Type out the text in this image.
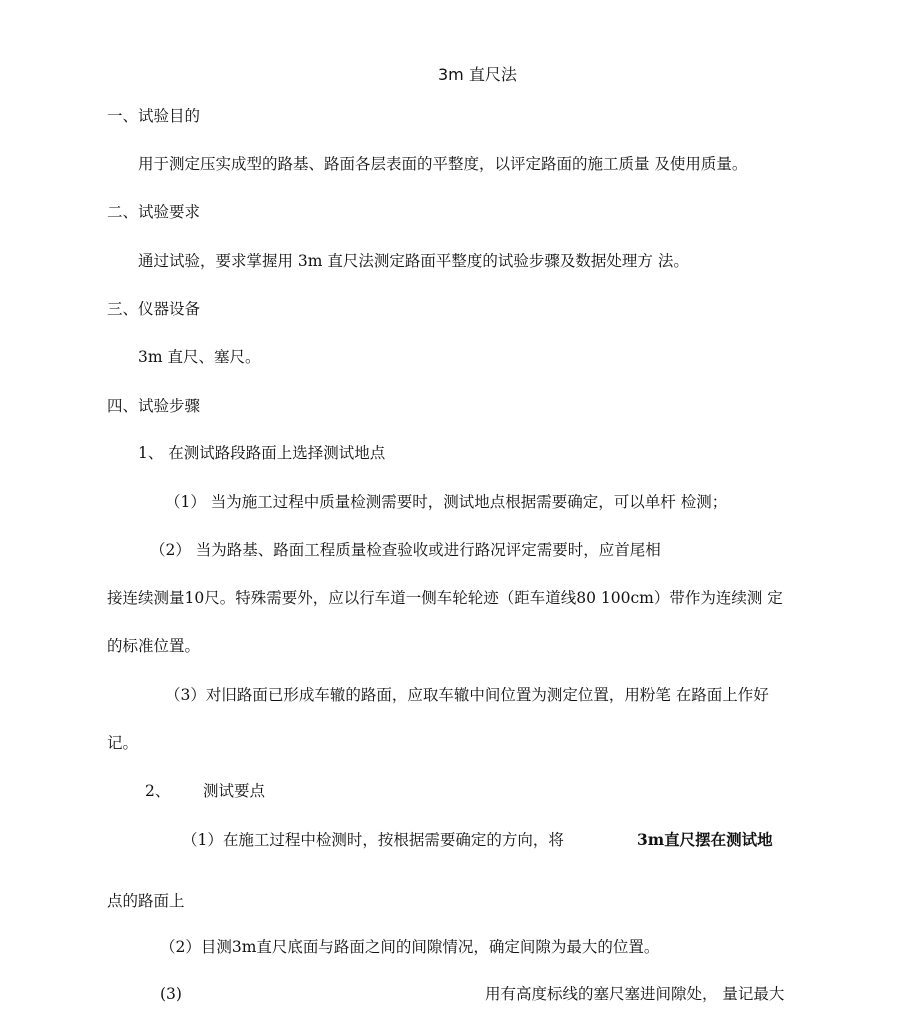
3m 直尺法
一、试验目的
用于测定压实成型的路基、路面各层表面的平整度，以评定路面的施工质量 及使用质量。
二、试验要求
通过试验，要求掌握用 3m 直尺法测定路面平整度的试验步骤及数据处理方 法。
三、仪器设备
3m 直尺、塞尺。
四、试验步骤
1、 在测试路段路面上选择测试地点
（1） 当为施工过程中质量检测需要时，测试地点根据需要确定，可以单杆 检测；
（2） 当为路基、路面工程质量检查验收或进行路况评定需要时，应首尾相
接连续测量10尺。特殊需要外，应以行车道一侧车轮轮迹（距车道线80 100cm）带作为连续测 定
的标准位置。
（3）对旧路面已形成车辙的路面，应取车辙中间位置为测定位置，用粉笔 在路面上作好
记。
2、 测试要点
（1）在施工过程中检测时，按根据需要确定的方向，将	3m直尺摆在测试地
点的路面上
（2）目测3m直尺底面与路面之间的间隙情况，确定间隙为最大的位置。
(3)	用有高度标线的塞尺塞进间隙处， 量记最大
